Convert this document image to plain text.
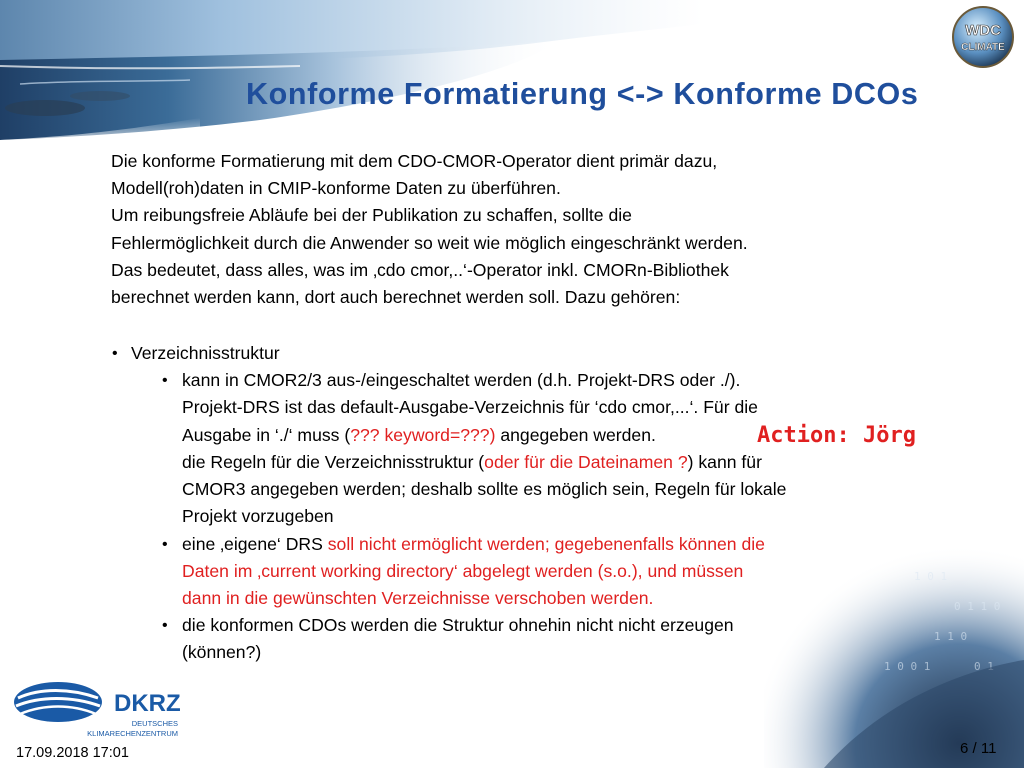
1 0 1
0 1 1 0
1 1 0
0 1
1 0 0 1
WDC
CLIMATE
Konforme Formatierung <-> Konforme DCOs
Die konforme Formatierung mit dem CDO-CMOR-Operator dient primär dazu,
Modell(roh)daten in CMIP-konforme Daten zu überführen.
Um reibungsfreie Abläufe bei der Publikation zu schaffen, sollte die
Fehlermöglichkeit durch die Anwender so weit wie möglich eingeschränkt werden.
Das bedeutet, dass alles, was im ‚cdo cmor,..‘-Operator inkl. CMORn-Bibliothek
berechnet werden kann, dort auch berechnet werden soll. Dazu gehören:
• Verzeichnisstruktur
• kann in CMOR2/3 aus-/eingeschaltet werden (d.h. Projekt-DRS oder ./).
Projekt-DRS ist das default-Ausgabe-Verzeichnis für ‘cdo cmor,...‘. Für die
Ausgabe in ‘./‘ muss (??? keyword=???) angegeben werden.
die Regeln für die Verzeichnisstruktur (oder für die Dateinamen ?) kann für
CMOR3 angegeben werden; deshalb sollte es möglich sein, Regeln für lokale
Projekt vorzugeben
Action: Jörg
• eine ‚eigene‘ DRS soll nicht ermöglicht werden; gegebenenfalls können die
Daten im ‚current working directory‘ abgelegt werden (s.o.), und müssen
dann in die gewünschten Verzeichnisse verschoben werden.
• die konformen CDOs werden die Struktur ohnehin nicht nicht erzeugen
(können?)
DKRZ
DEUTSCHES
KLIMARECHENZENTRUM
17.09.2018 17:01	6 / 11
